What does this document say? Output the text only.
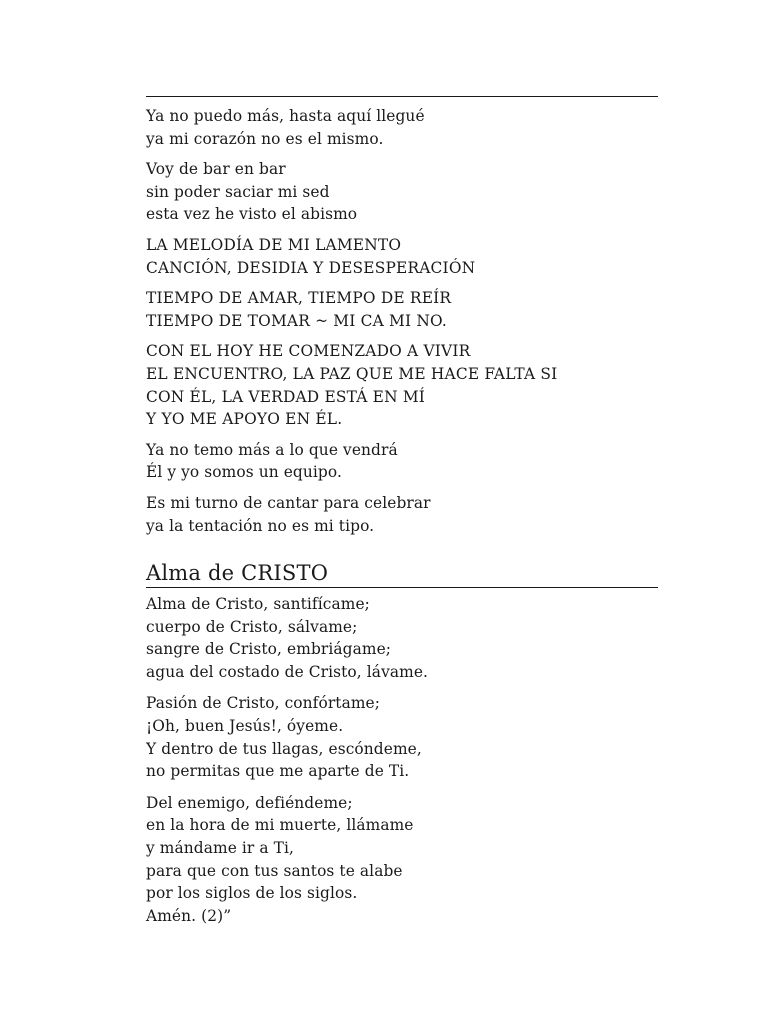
Ya no puedo más, hasta aquí llegué
ya mi corazón no es el mismo.

Voy de bar en bar
sin poder saciar mi sed
esta vez he visto el abismo

LA MELODÍA DE MI LAMENTO
CANCIÓN, DESIDIA Y DESESPERACIÓN

TIEMPO DE AMAR, TIEMPO DE REÍR
TIEMPO DE TOMAR ~ MI CA MI NO.

CON EL HOY HE COMENZADO A VIVIR
EL ENCUENTRO, LA PAZ QUE ME HACE FALTA SI
CON ÉL, LA VERDAD ESTÁ EN MÍ
Y YO ME APOYO EN ÉL.

Ya no temo más a lo que vendrá
Él y yo somos un equipo.

Es mi turno de cantar para celebrar
ya la tentación no es mi tipo.

Alma de CRISTO

Alma de Cristo, santifícame;
cuerpo de Cristo, sálvame;
sangre de Cristo, embriágame;
agua del costado de Cristo, lávame.

Pasión de Cristo, confórtame;
¡Oh, buen Jesús!, óyeme.
Y dentro de tus llagas, escóndeme,
no permitas que me aparte de Ti.

Del enemigo, defiéndeme;
en la hora de mi muerte, llámame
y mándame ir a Ti,
para que con tus santos te alabe
por los siglos de los siglos.
Amén. (2)”
